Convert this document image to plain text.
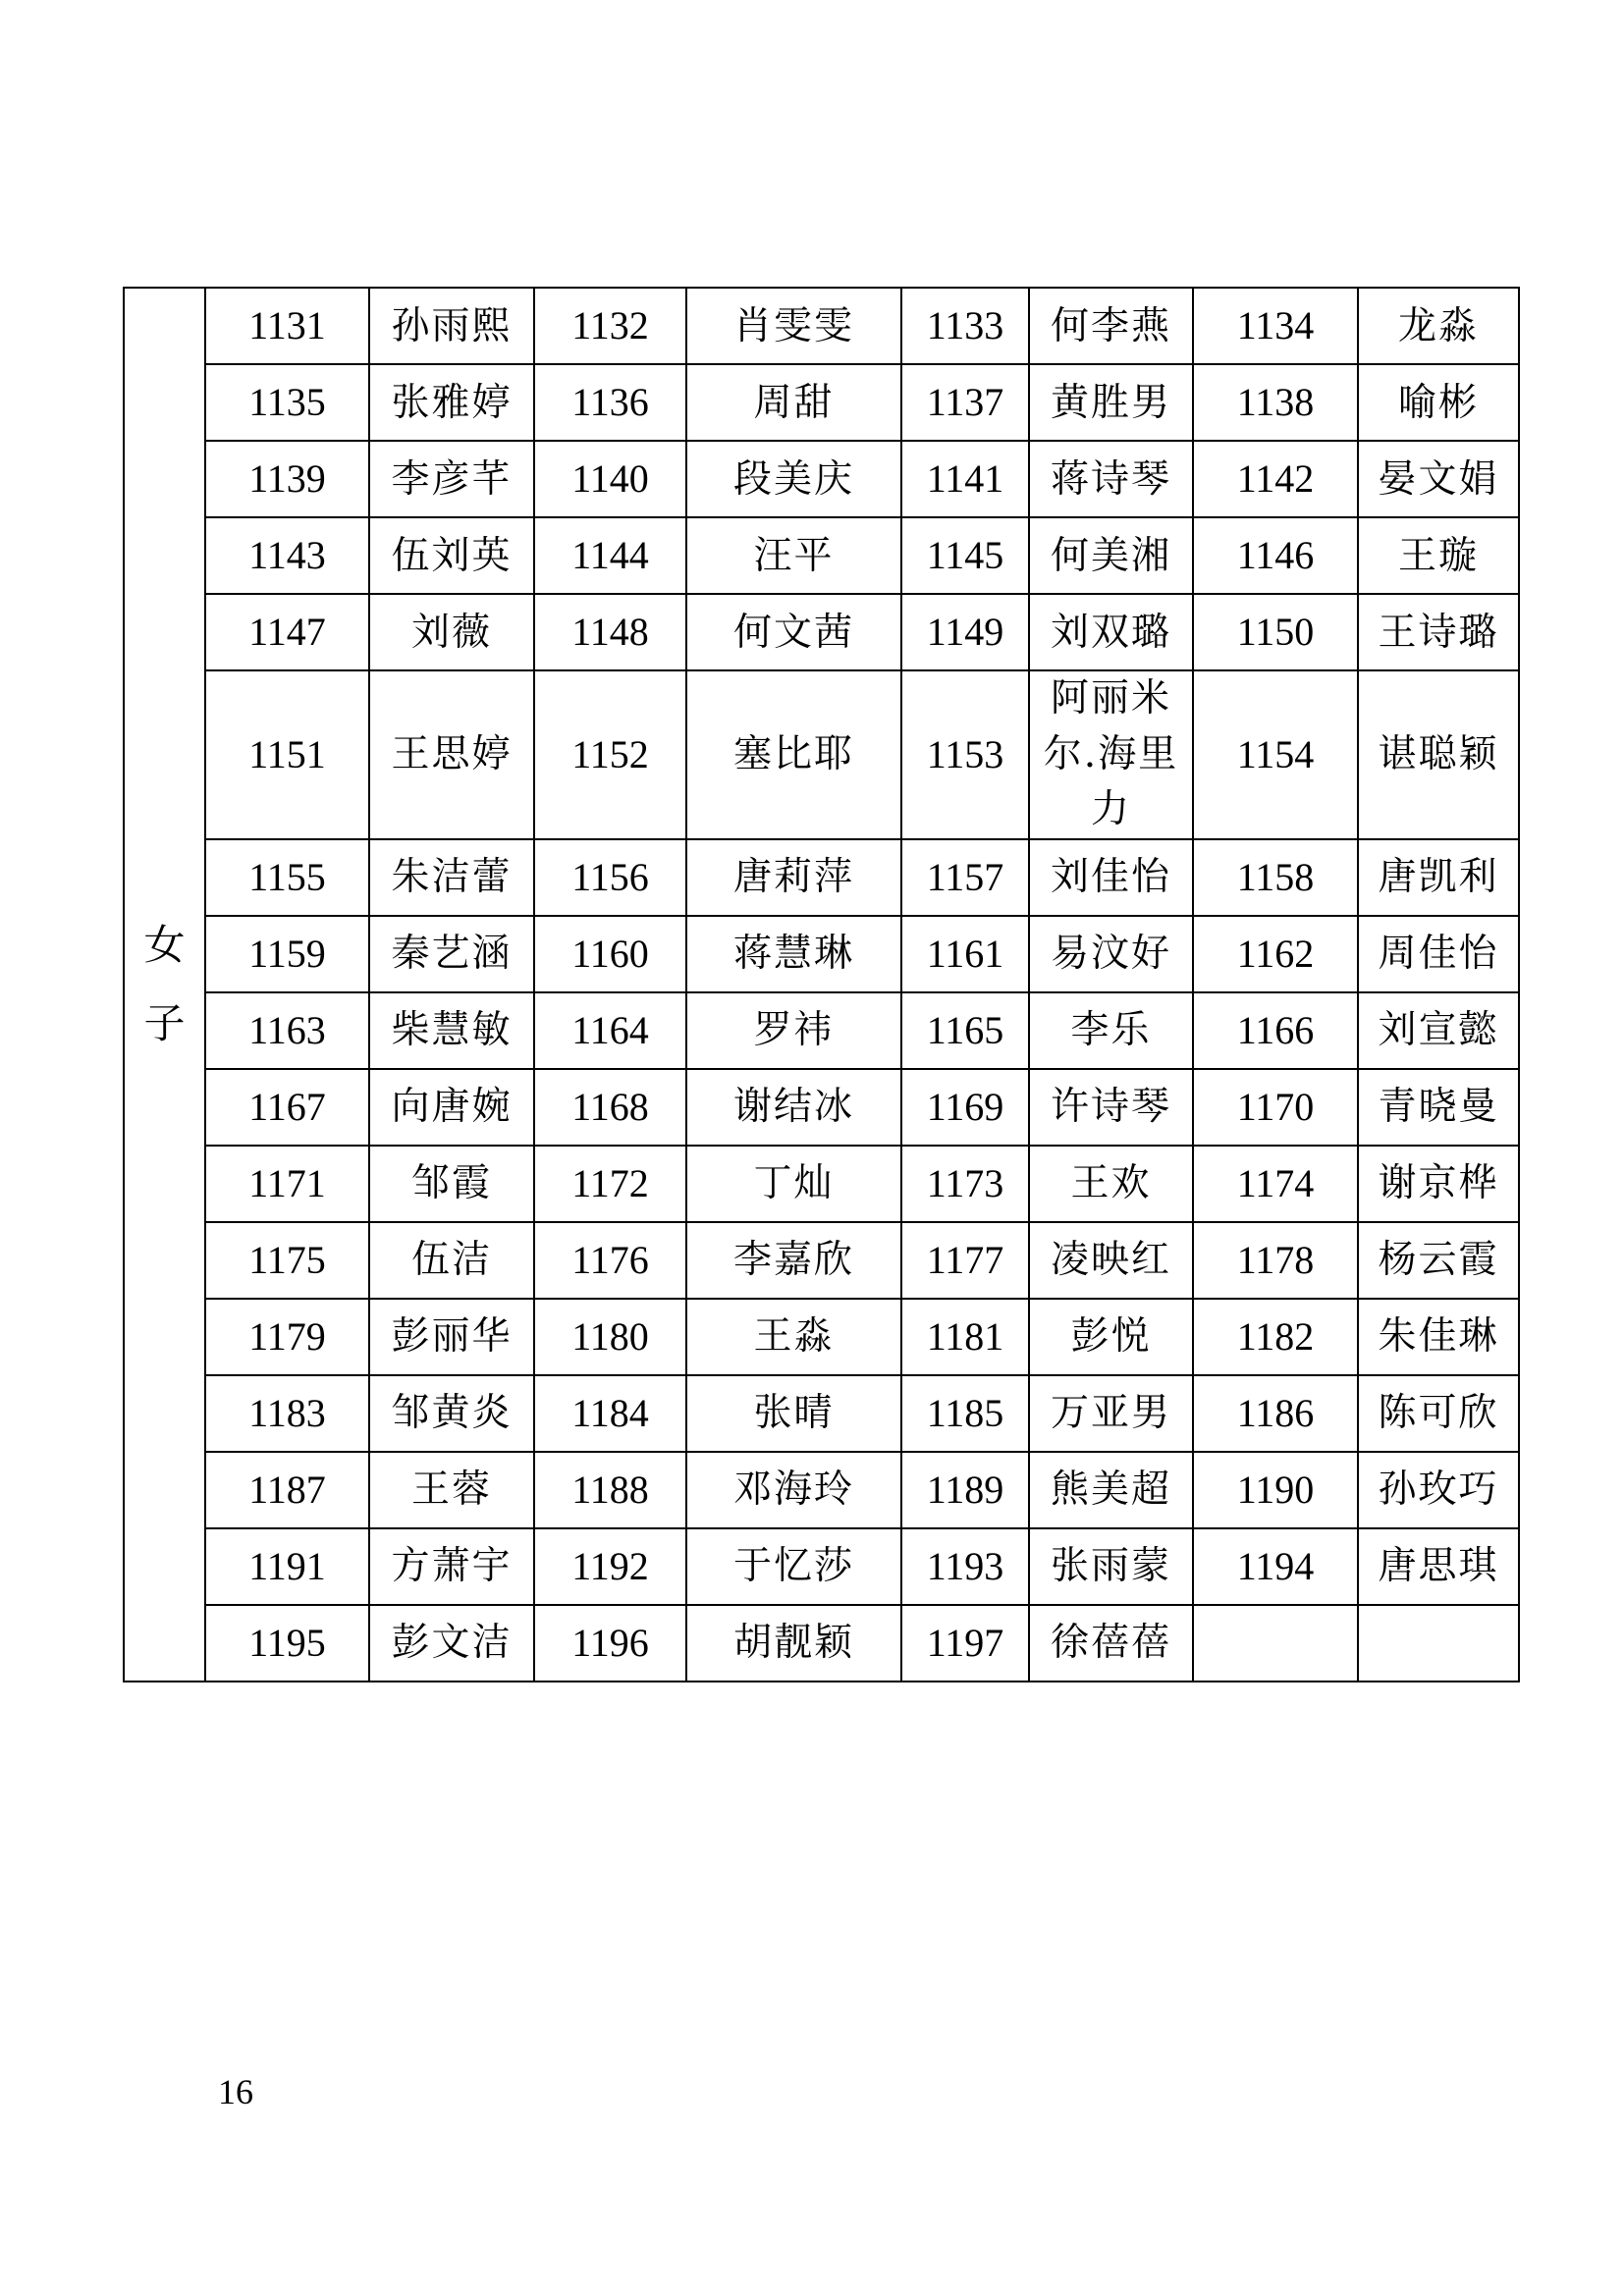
女
子	1131	孙雨熙	1132	肖雯雯	1133	何李燕	1134	龙淼
	1135	张雅婷	1136	周甜	1137	黄胜男	1138	喻彬
	1139	李彦芊	1140	段美庆	1141	蒋诗琴	1142	晏文娟
	1143	伍刘英	1144	汪平	1145	何美湘	1146	王璇
	1147	刘薇	1148	何文茜	1149	刘双璐	1150	王诗璐
	1151	王思婷	1152	塞比耶	1153	阿丽米尔.海里力	1154	谌聪颖
	1155	朱洁蕾	1156	唐莉萍	1157	刘佳怡	1158	唐凯利
	1159	秦艺涵	1160	蒋慧琳	1161	易汶好	1162	周佳怡
	1163	柴慧敏	1164	罗祎	1165	李乐	1166	刘宣懿
	1167	向唐婉	1168	谢结冰	1169	许诗琴	1170	青晓曼
	1171	邹霞	1172	丁灿	1173	王欢	1174	谢京桦
	1175	伍洁	1176	李嘉欣	1177	凌映红	1178	杨云霞
	1179	彭丽华	1180	王淼	1181	彭悦	1182	朱佳琳
	1183	邹黄炎	1184	张晴	1185	万亚男	1186	陈可欣
	1187	王蓉	1188	邓海玲	1189	熊美超	1190	孙玫巧
	1191	方萧宇	1192	于忆莎	1193	张雨蒙	1194	唐思琪
	1195	彭文洁	1196	胡靓颖	1197	徐蓓蓓		
16
